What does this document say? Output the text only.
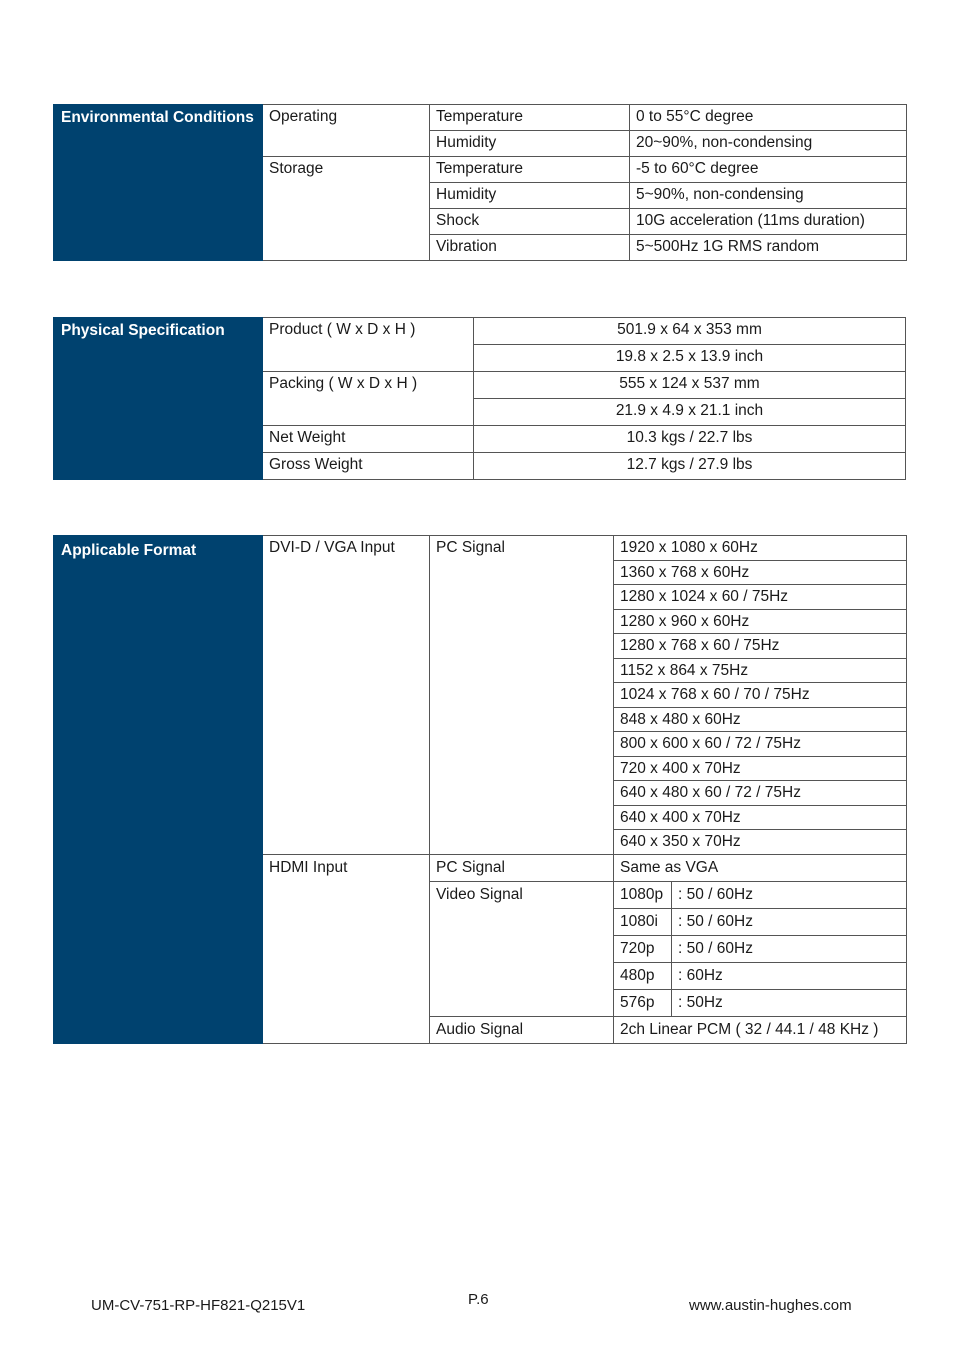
Environmental Conditions	Operating	Temperature	0 to 55°C degree
		Humidity	20~90%, non-condensing
	Storage	Temperature	-5 to 60°C degree
		Humidity	5~90%, non-condensing
		Shock	10G acceleration (11ms duration)
		Vibration	5~500Hz 1G RMS random
Physical Specification	Product ( W x D x H )	501.9 x 64 x 353 mm
		19.8 x 2.5 x 13.9 inch
	Packing ( W x D x H )	555 x 124 x 537 mm
		21.9 x 4.9 x 21.1 inch
	Net Weight	10.3 kgs / 22.7 lbs
	Gross Weight	12.7 kgs / 27.9 lbs
Applicable Format	DVI-D / VGA Input	PC Signal	1920 x 1080 x 60Hz	
			1360 x 768 x 60Hz	
			1280 x 1024 x 60 / 75Hz	
			1280 x 960 x 60Hz	
			1280 x 768 x 60 / 75Hz	
			1152 x 864 x 75Hz	
			1024 x 768 x 60 / 70 / 75Hz	
			848 x 480 x 60Hz	
			800 x 600 x 60 / 72 / 75Hz	
			720 x 400 x 70Hz	
			640 x 480 x 60 / 72 / 75Hz	
			640 x 400 x 70Hz	
			640 x 350 x 70Hz	
	HDMI Input	PC Signal	Same as VGA	
		Video Signal	1080p	: 50 / 60Hz
			1080i	: 50 / 60Hz
			720p	: 50 / 60Hz
			480p	: 60Hz
			576p	: 50Hz
		Audio Signal	2ch Linear PCM ( 32 / 44.1 / 48 KHz )	
UM-CV-751-RP-HF821-Q215V1	P.6	www.austin-hughes.com
